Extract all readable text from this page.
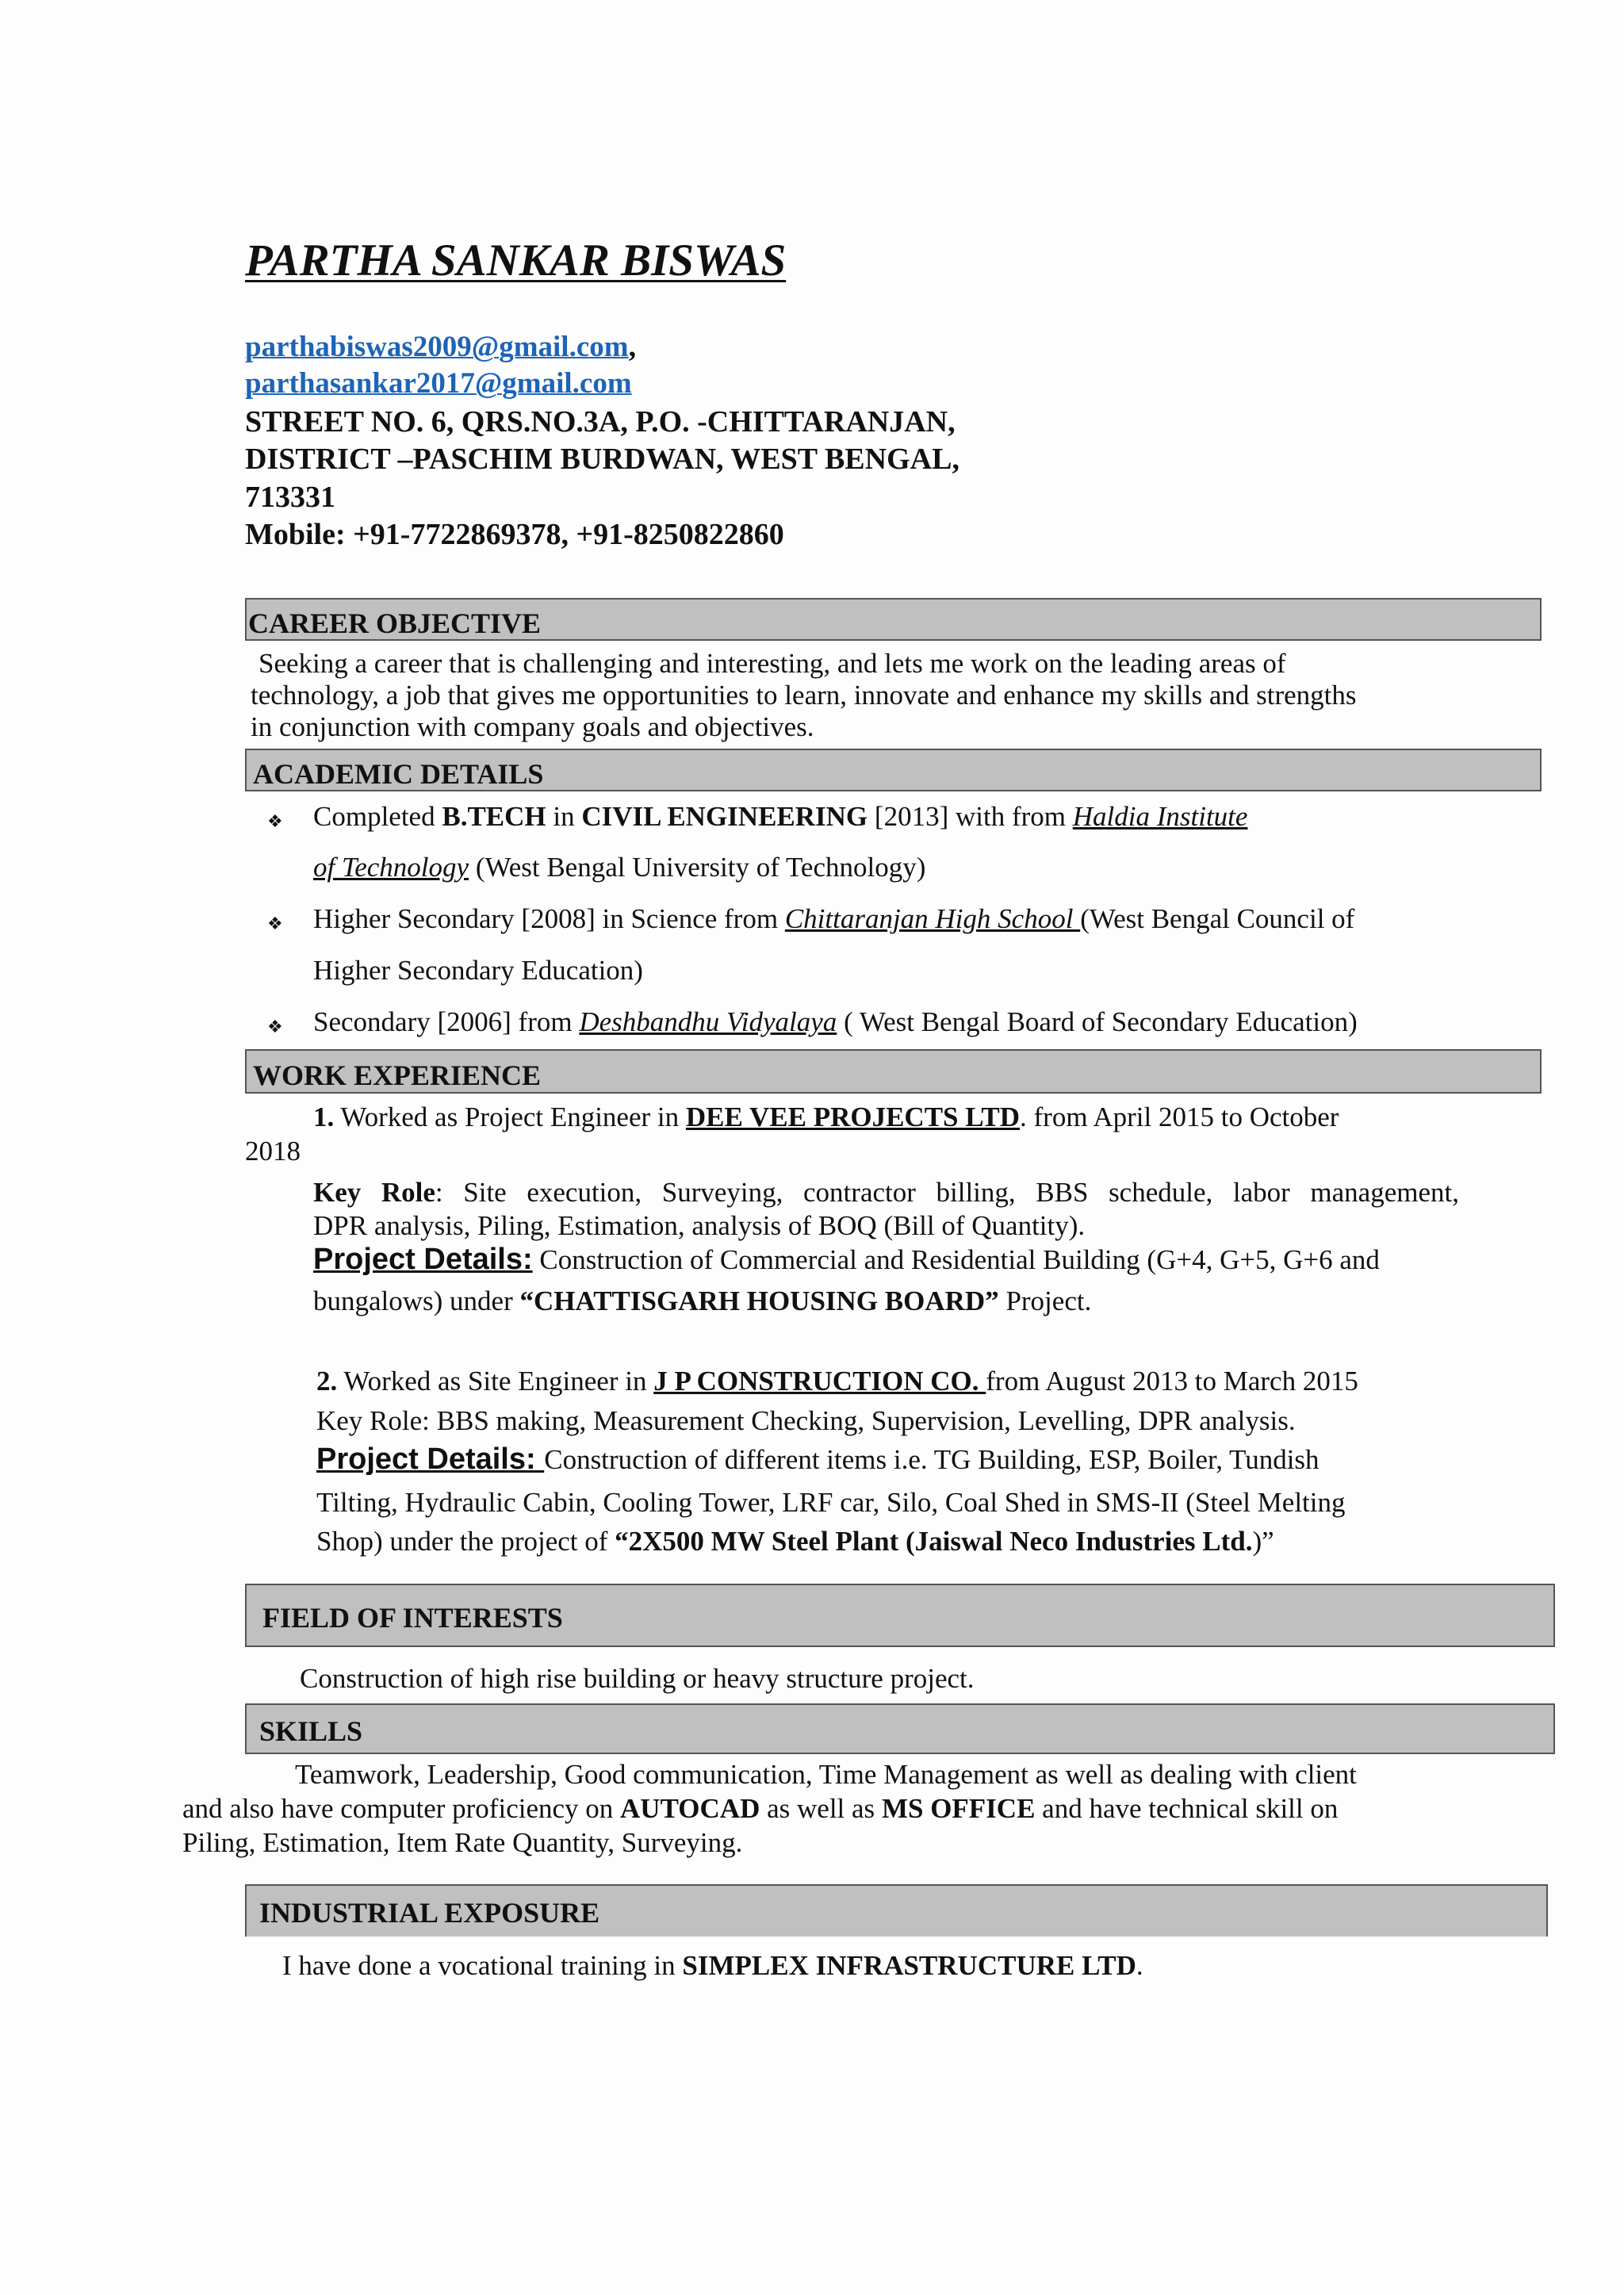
PARTHA SANKAR BISWAS
parthabiswas2009@gmail.com,
parthasankar2017@gmail.com
STREET NO. 6, QRS.NO.3A, P.O. -CHITTARANJAN,
DISTRICT –PASCHIM BURDWAN, WEST BENGAL,
713331
Mobile: +91-7722869378, +91-8250822860
CAREER OBJECTIVE
Seeking a career that is challenging and interesting, and lets me work on the leading areas of
technology, a job that gives me opportunities to learn, innovate and enhance my skills and strengths
in conjunction with company goals and objectives.
ACADEMIC DETAILS
❖ Completed B.TECH in CIVIL ENGINEERING [2013] with from Haldia Institute
of Technology (West Bengal University of Technology)
❖ Higher Secondary [2008] in Science from Chittaranjan High School (West Bengal Council of
Higher Secondary Education)
❖ Secondary [2006] from Deshbandhu Vidyalaya ( West Bengal Board of Secondary Education)
WORK EXPERIENCE
1. Worked as Project Engineer in DEE VEE PROJECTS LTD. from April 2015 to October
2018
Key Role: Site execution, Surveying, contractor billing, BBS schedule, labor management,
DPR analysis, Piling, Estimation, analysis of BOQ (Bill of Quantity).
Project Details: Construction of Commercial and Residential Building (G+4, G+5, G+6 and
bungalows) under “CHATTISGARH HOUSING BOARD” Project.
2. Worked as Site Engineer in J P CONSTRUCTION CO. from August 2013 to March 2015
Key Role: BBS making, Measurement Checking, Supervision, Levelling, DPR analysis.
Project Details: Construction of different items i.e. TG Building, ESP, Boiler, Tundish
Tilting, Hydraulic Cabin, Cooling Tower, LRF car, Silo, Coal Shed in SMS-II (Steel Melting
Shop) under the project of “2X500 MW Steel Plant (Jaiswal Neco Industries Ltd.)”
FIELD OF INTERESTS
Construction of high rise building or heavy structure project.
SKILLS
Teamwork, Leadership, Good communication, Time Management as well as dealing with client
and also have computer proficiency on AUTOCAD as well as MS OFFICE and have technical skill on
Piling, Estimation, Item Rate Quantity, Surveying.
INDUSTRIAL EXPOSURE
I have done a vocational training in SIMPLEX INFRASTRUCTURE LTD.
